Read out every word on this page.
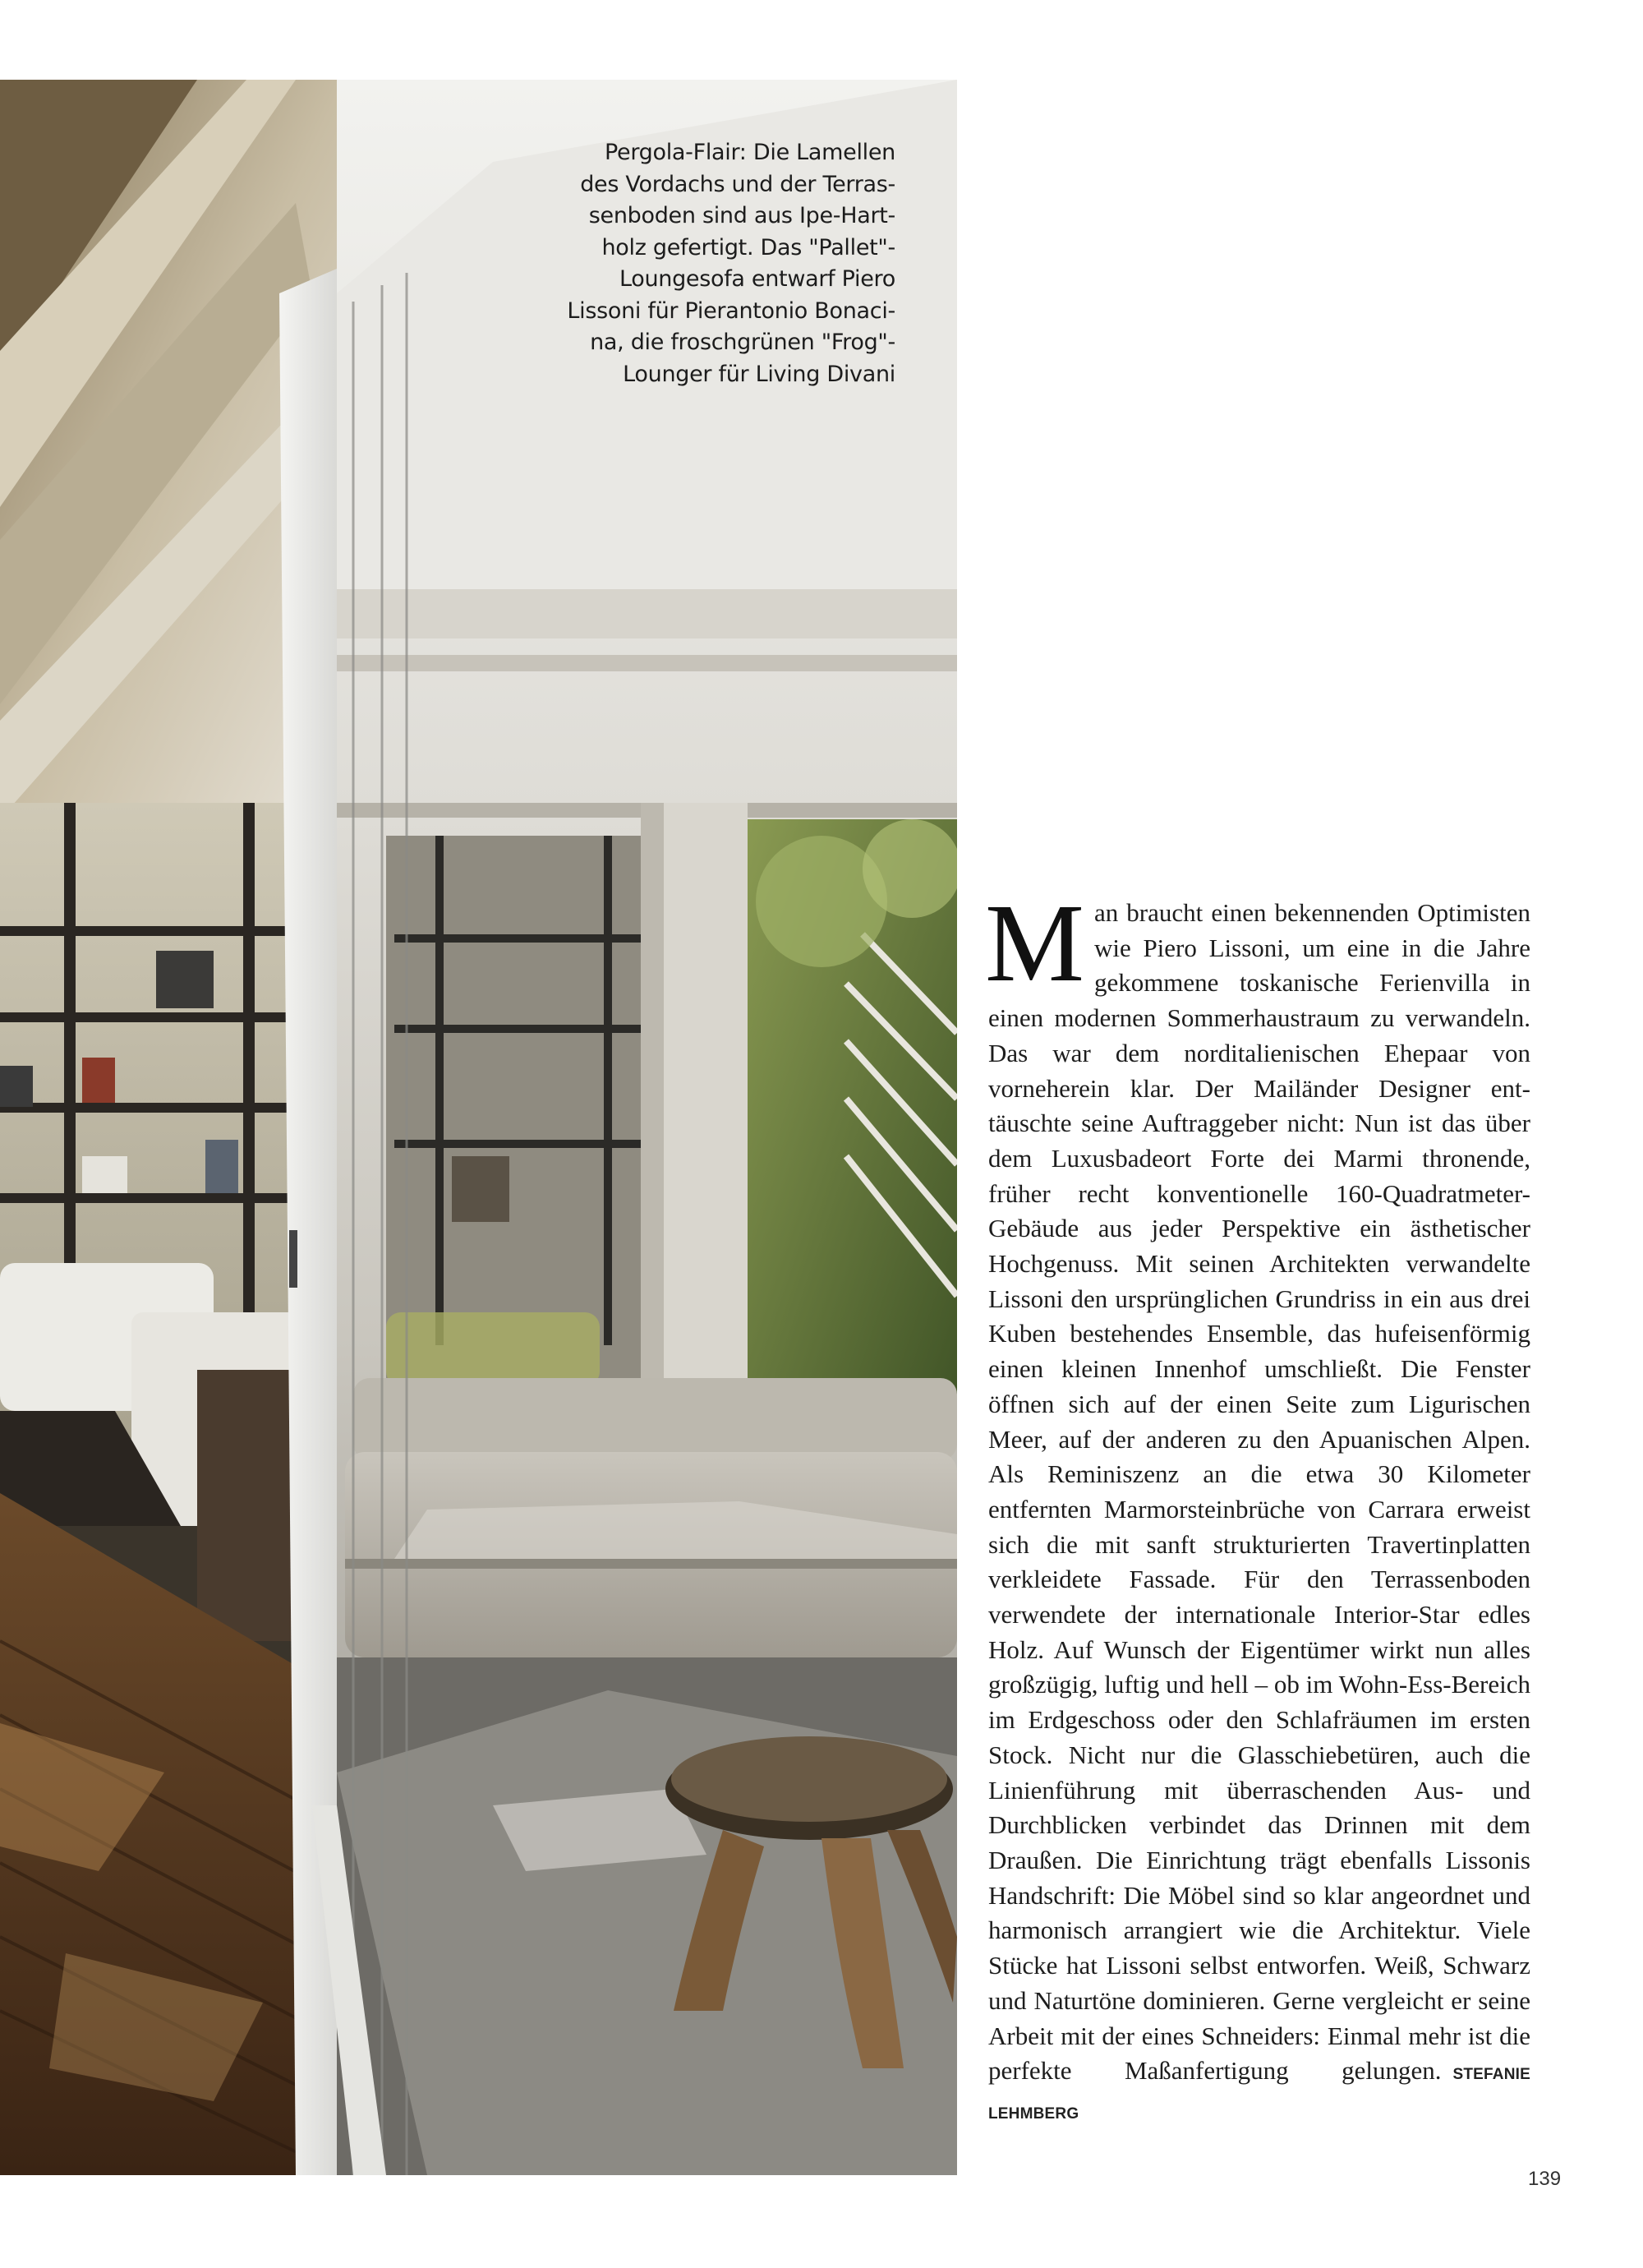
Pergola-Flair: Die Lamellen
des Vordachs und der Terras-
senboden sind aus Ipe-Hart-
holz gefertigt. Das "Pallet"-
Loungesofa entwarf Piero
Lissoni für Pierantonio Bonaci-
na, die froschgrünen "Frog"-
Lounger für Living Divani
Man braucht einen bekennenden Optimisten wie Piero Lissoni, um eine in die Jahre gekommene toskanische Ferienvilla in einen modernen Sommerhaustraum zu verwandeln. Das war dem norditalienischen Ehepaar von vorneherein klar. Der Mailänder Designer enttäuschte seine Auftraggeber nicht: Nun ist das über dem Luxusbadeort Forte dei Marmi thronende, früher recht konventionelle 160-Quadratmeter-Gebäude aus jeder Perspektive ein ästhetischer Hochgenuss. Mit seinen Architekten verwandelte Lissoni den ursprünglichen Grundriss in ein aus drei Kuben bestehendes Ensemble, das hufeisenförmig einen kleinen Innenhof umschließt. Die Fenster öffnen sich auf der einen Seite zum Ligurischen Meer, auf der anderen zu den Apuanischen Alpen. Als Reminiszenz an die etwa 30 Kilometer entfernten Marmorsteinbrüche von Carrara erweist sich die mit sanft strukturierten Travertinplatten verkleidete Fassade. Für den Terrassenboden verwendete der internationale Interior-Star edles Holz. Auf Wunsch der Eigentümer wirkt nun alles großzügig, luftig und hell – ob im Wohn-Ess-Bereich im Erdgeschoss oder den Schlafräumen im ersten Stock. Nicht nur die Glasschiebetüren, auch die Linienführung mit überraschenden Aus- und Durchblicken verbindet das Drinnen mit dem Draußen. Die Einrichtung trägt ebenfalls Lissonis Handschrift: Die Möbel sind so klar angeordnet und harmonisch arrangiert wie die Architektur. Viele Stücke hat Lissoni selbst entworfen. Weiß, Schwarz und Naturtöne dominieren. Gerne vergleicht er seine Arbeit mit der eines Schneiders: Einmal mehr ist die perfekte Maßanfertigung gelungen. STEFANIE LEHMBERG
139
